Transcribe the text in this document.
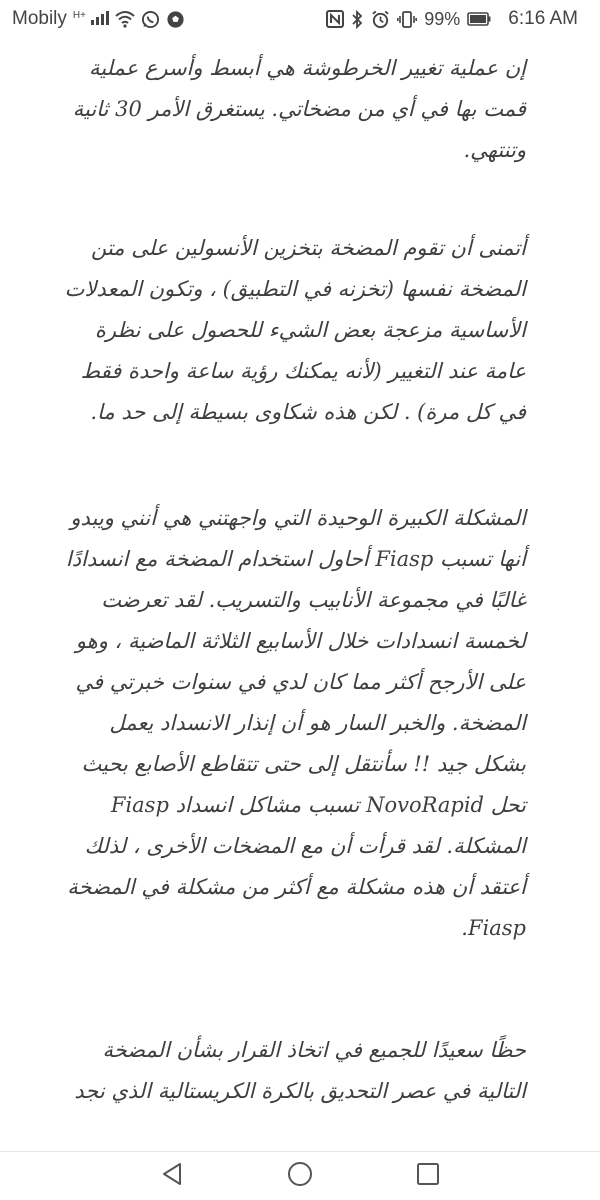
Mobily $^{H+}$	99%	6:16 AM

إن عملية تغيير الخرطوشة هي أبسط وأسرع عملية قمت بها في أي من مضخاتي. يستغرق الأمر 30 ثانية وتنتهي.

أتمنى أن تقوم المضخة بتخزين الأنسولين على متن المضخة نفسها (تخزنه في التطبيق) ، وتكون المعدلات الأساسية مزعجة بعض الشيء للحصول على نظرة عامة عند التغيير (لأنه يمكنك رؤية ساعة واحدة فقط في كل مرة) . لكن هذه شكاوى بسيطة إلى حد ما.

المشكلة الكبيرة الوحيدة التي واجهتني هي أنني ويبدو أنها تسبب Fiasp أحاول استخدام المضخة مع انسدادًا غالبًا في مجموعة الأنابيب والتسريب. لقد تعرضت لخمسة انسدادات خلال الأسابيع الثلاثة الماضية ، وهو على الأرجح أكثر مما كان لدي في سنوات خبرتي في المضخة. والخبر السار هو أن إنذار الانسداد يعمل بشكل جيد !! سأنتقل إلى حتى تتقاطع الأصابع بحيث تحل NovoRapid تسبب مشاكل انسداد Fiasp المشكلة. لقد قرأت أن مع المضخات الأخرى ، لذلك أعتقد أن هذه مشكلة مع أكثر من مشكلة في المضخة Fiasp.

حظًا سعيدًا للجميع في اتخاذ القرار بشأن المضخة التالية في عصر التحديق بالكرة الكريستالية الذي نجد
